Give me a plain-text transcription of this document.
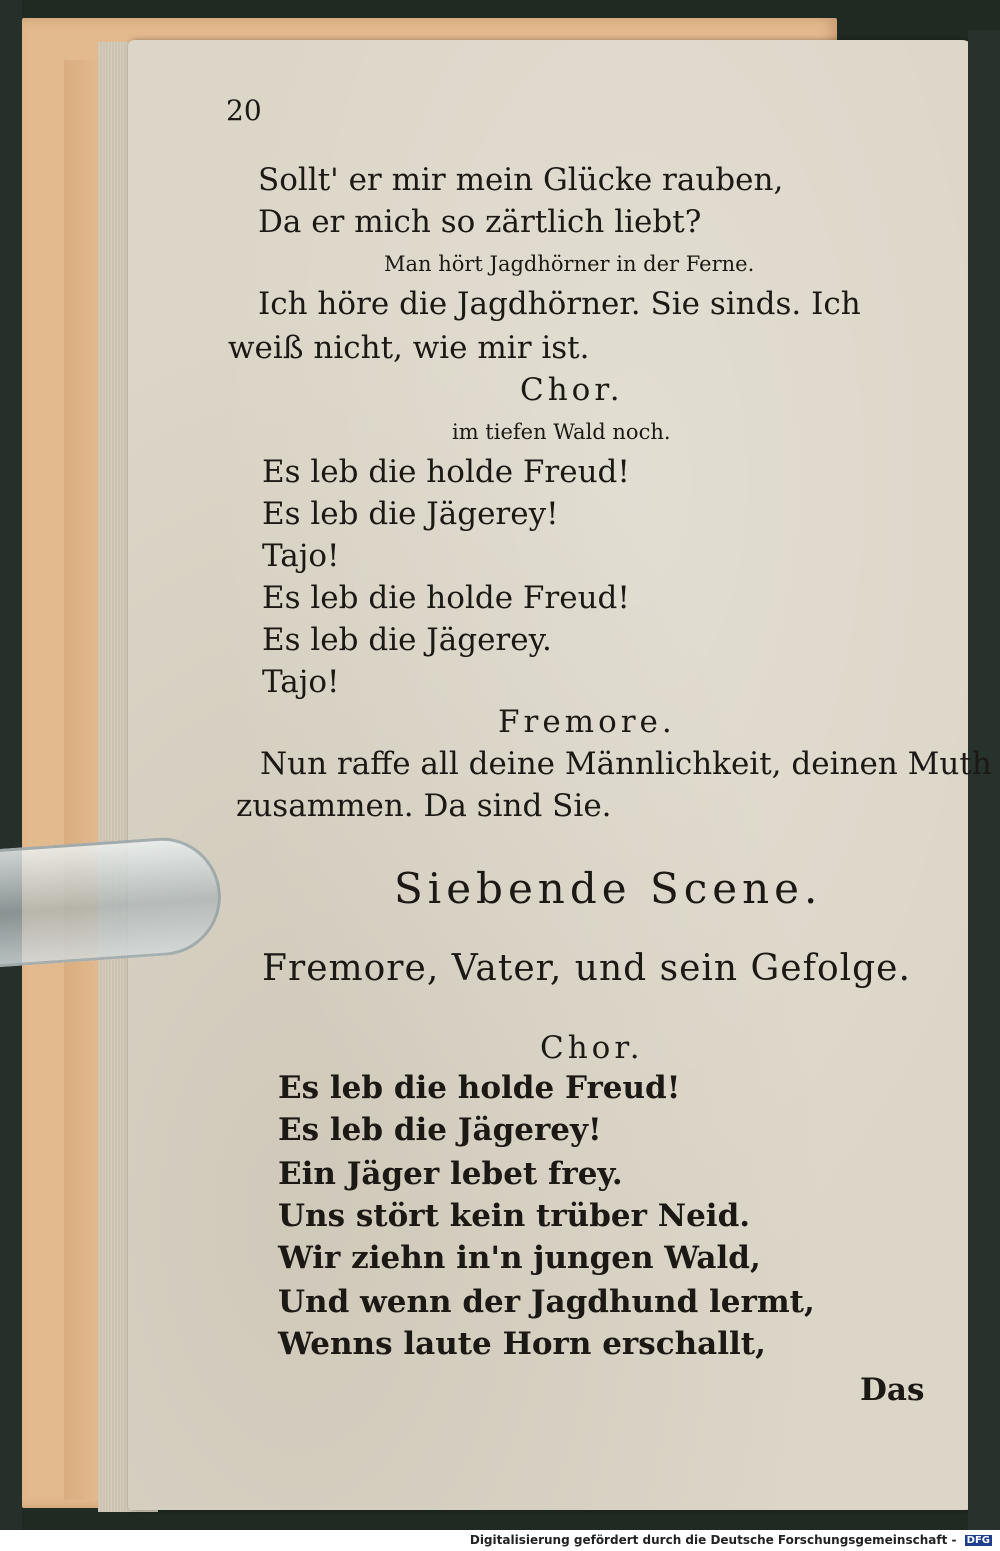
20
Sollt' er mir mein Glücke rauben,
Da er mich so zärtlich liebt?
Man hört Jagdhörner in der Ferne.
Ich höre die Jagdhörner. Sie sinds. Ich
weiß nicht, wie mir ist.
Chor.
im tiefen Wald noch.
Es leb die holde Freud!
Es leb die Jägerey!
Tajo!
Es leb die holde Freud!
Es leb die Jägerey.
Tajo!
Fremore.
Nun raffe all deine Männlichkeit, deinen Muth
zusammen. Da sind Sie.
Siebende Scene.
Fremore, Vater, und sein Gefolge.
Chor.
Es leb die holde Freud!
Es leb die Jägerey!
Ein Jäger lebet frey.
Uns stört kein trüber Neid.
Wir ziehn in'n jungen Wald,
Und wenn der Jagdhund lermt,
Wenns laute Horn erschallt,
Das
Digitalisierung gefördert durch die Deutsche Forschungsgemeinschaft - DFG
